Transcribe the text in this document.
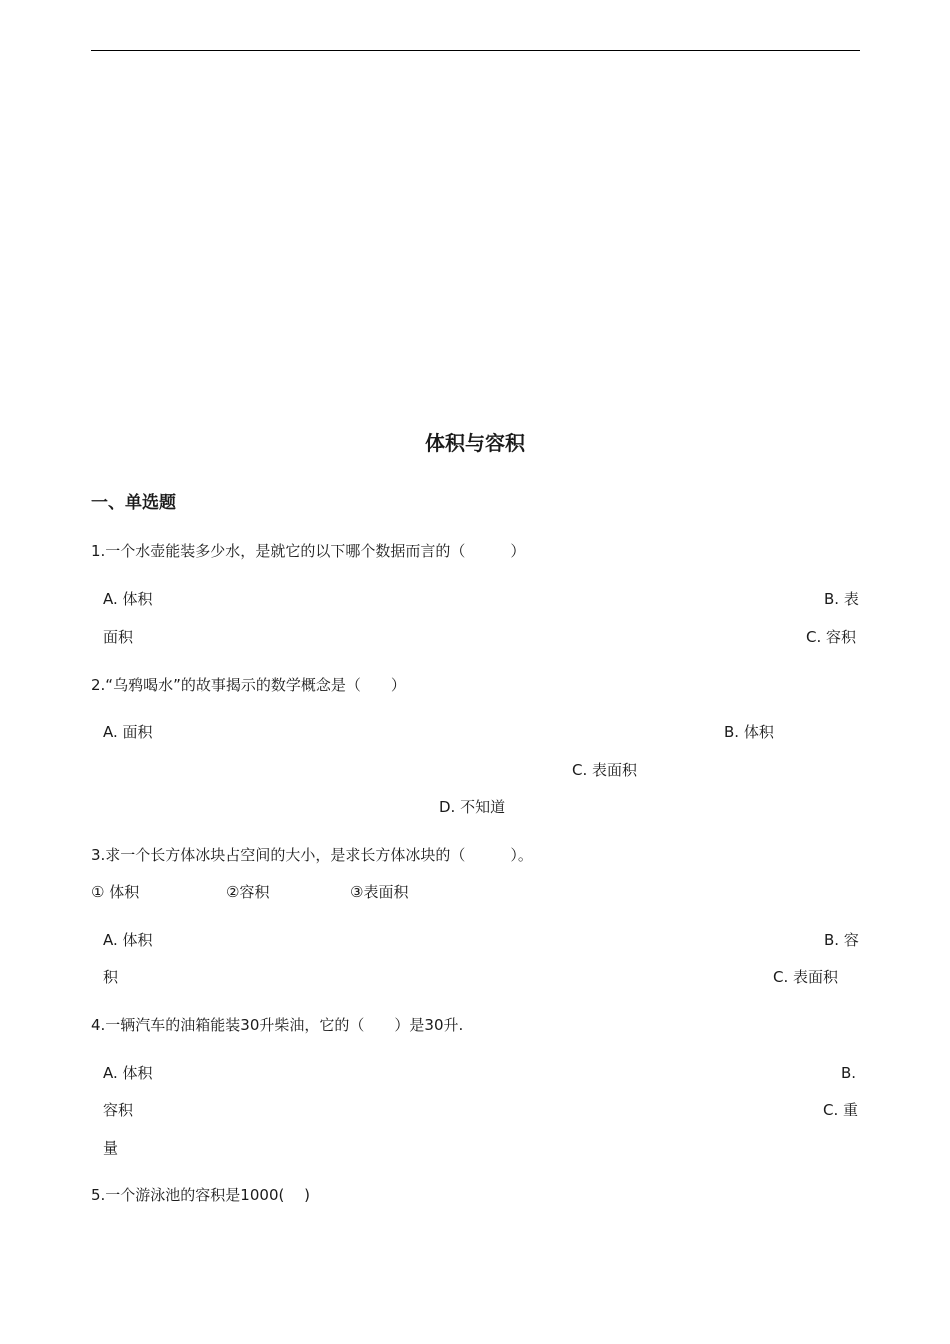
体积与容积
一、单选题
1.一个水壶能装多少水，是就它的以下哪个数据而言的（　　　）
A. 体积	B. 表
面积	C. 容积
2.“乌鸦喝水”的故事揭示的数学概念是（　　）
A. 面积	B. 体积
C. 表面积
D. 不知道
3.求一个长方体冰块占空间的大小，是求长方体冰块的（　　　）。
① 体积	②容积	③表面积
A. 体积	B. 容
积	C. 表面积
4.一辆汽车的油箱能装30升柴油，它的（　　）是30升.
A. 体积	B.
容积	C. 重
量
5.一个游泳池的容积是1000(　 )
